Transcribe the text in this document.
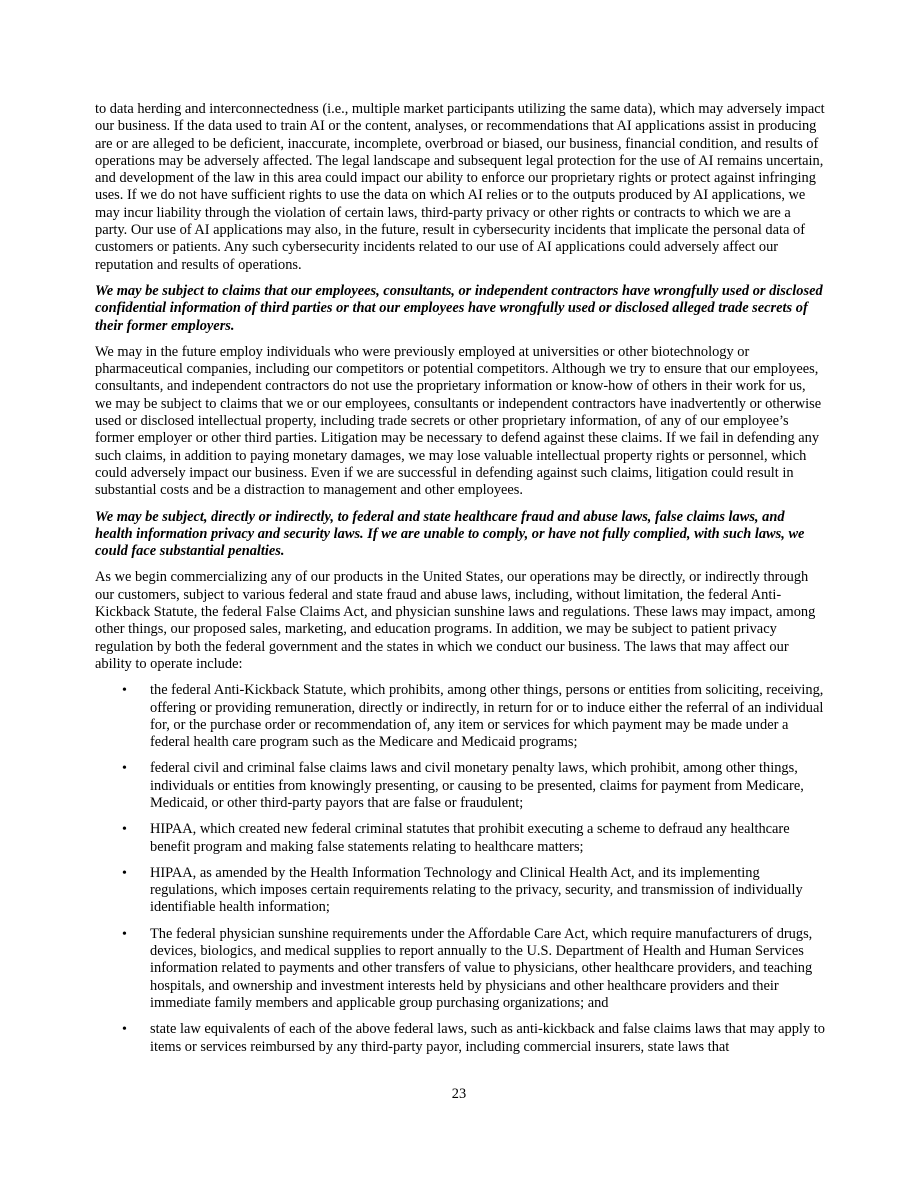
to data herding and interconnectedness (i.e., multiple market participants utilizing the same data), which may adversely impact our business. If the data used to train AI or the content, analyses, or recommendations that AI applications assist in producing are or are alleged to be deficient, inaccurate, incomplete, overbroad or biased, our business, financial condition, and results of operations may be adversely affected. The legal landscape and subsequent legal protection for the use of AI remains uncertain, and development of the law in this area could impact our ability to enforce our proprietary rights or protect against infringing uses. If we do not have sufficient rights to use the data on which AI relies or to the outputs produced by AI applications, we may incur liability through the violation of certain laws, third-party privacy or other rights or contracts to which we are a party. Our use of AI applications may also, in the future, result in cybersecurity incidents that implicate the personal data of customers or patients. Any such cybersecurity incidents related to our use of AI applications could adversely affect our reputation and results of operations.

We may be subject to claims that our employees, consultants, or independent contractors have wrongfully used or disclosed confidential information of third parties or that our employees have wrongfully used or disclosed alleged trade secrets of their former employers.

We may in the future employ individuals who were previously employed at universities or other biotechnology or pharmaceutical companies, including our competitors or potential competitors. Although we try to ensure that our employees, consultants, and independent contractors do not use the proprietary information or know-how of others in their work for us, we may be subject to claims that we or our employees, consultants or independent contractors have inadvertently or otherwise used or disclosed intellectual property, including trade secrets or other proprietary information, of any of our employee’s former employer or other third parties. Litigation may be necessary to defend against these claims. If we fail in defending any such claims, in addition to paying monetary damages, we may lose valuable intellectual property rights or personnel, which could adversely impact our business. Even if we are successful in defending against such claims, litigation could result in substantial costs and be a distraction to management and other employees.

We may be subject, directly or indirectly, to federal and state healthcare fraud and abuse laws, false claims laws, and health information privacy and security laws. If we are unable to comply, or have not fully complied, with such laws, we could face substantial penalties.

As we begin commercializing any of our products in the United States, our operations may be directly, or indirectly through our customers, subject to various federal and state fraud and abuse laws, including, without limitation, the federal Anti-Kickback Statute, the federal False Claims Act, and physician sunshine laws and regulations. These laws may impact, among other things, our proposed sales, marketing, and education programs. In addition, we may be subject to patient privacy regulation by both the federal government and the states in which we conduct our business. The laws that may affect our ability to operate include:

• the federal Anti-Kickback Statute, which prohibits, among other things, persons or entities from soliciting, receiving, offering or providing remuneration, directly or indirectly, in return for or to induce either the referral of an individual for, or the purchase order or recommendation of, any item or services for which payment may be made under a federal health care program such as the Medicare and Medicaid programs;
• federal civil and criminal false claims laws and civil monetary penalty laws, which prohibit, among other things, individuals or entities from knowingly presenting, or causing to be presented, claims for payment from Medicare, Medicaid, or other third-party payors that are false or fraudulent;
• HIPAA, which created new federal criminal statutes that prohibit executing a scheme to defraud any healthcare benefit program and making false statements relating to healthcare matters;
• HIPAA, as amended by the Health Information Technology and Clinical Health Act, and its implementing regulations, which imposes certain requirements relating to the privacy, security, and transmission of individually identifiable health information;
• The federal physician sunshine requirements under the Affordable Care Act, which require manufacturers of drugs, devices, biologics, and medical supplies to report annually to the U.S. Department of Health and Human Services information related to payments and other transfers of value to physicians, other healthcare providers, and teaching hospitals, and ownership and investment interests held by physicians and other healthcare providers and their immediate family members and applicable group purchasing organizations; and
• state law equivalents of each of the above federal laws, such as anti-kickback and false claims laws that may apply to items or services reimbursed by any third-party payor, including commercial insurers, state laws that
23
